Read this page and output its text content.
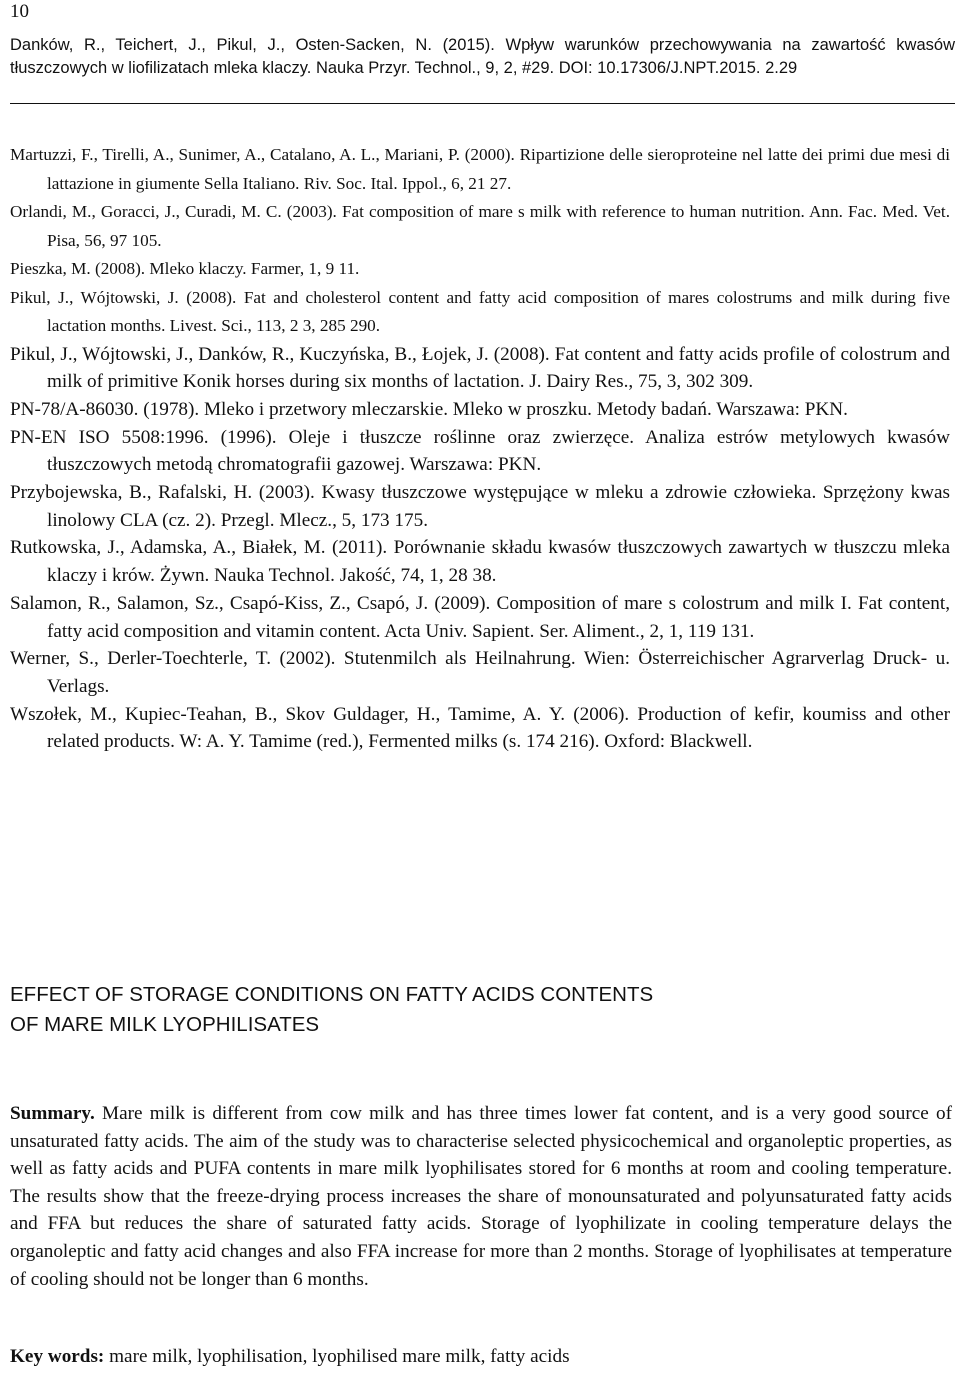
10
Danków, R., Teichert, J., Pikul, J., Osten-Sacken, N. (2015). Wpływ warunków przechowywania na zawartość kwasów tłuszczowych w liofilizatach mleka klaczy. Nauka Przyr. Technol., 9, 2, #29. DOI: 10.17306/J.NPT.2015. 2.29
Martuzzi, F., Tirelli, A., Sunimer, A., Catalano, A. L., Mariani, P. (2000). Ripartizione delle sieroproteine nel latte dei primi due mesi di lattazione in giumente Sella Italiano. Riv. Soc. Ital. Ippol., 6, 21 27.
Orlandi, M., Goracci, J., Curadi, M. C. (2003). Fat composition of mare s milk with reference to human nutrition. Ann. Fac. Med. Vet. Pisa, 56, 97 105.
Pieszka, M. (2008). Mleko klaczy. Farmer, 1, 9 11.
Pikul, J., Wójtowski, J. (2008). Fat and cholesterol content and fatty acid composition of mares colostrums and milk during five lactation months. Livest. Sci., 113, 2 3, 285 290.
Pikul, J., Wójtowski, J., Danków, R., Kuczyńska, B., Łojek, J. (2008). Fat content and fatty acids profile of colostrum and milk of primitive Konik horses during six months of lactation. J. Dairy Res., 75, 3, 302 309.
PN-78/A-86030. (1978). Mleko i przetwory mleczarskie. Mleko w proszku. Metody badań. Warszawa: PKN.
PN-EN ISO 5508:1996. (1996). Oleje i tłuszcze roślinne oraz zwierzęce. Analiza estrów metylowych kwasów tłuszczowych metodą chromatografii gazowej. Warszawa: PKN.
Przybojewska, B., Rafalski, H. (2003). Kwasy tłuszczowe występujące w mleku a zdrowie człowieka. Sprzężony kwas linolowy CLA (cz. 2). Przegl. Mlecz., 5, 173 175.
Rutkowska, J., Adamska, A., Białek, M. (2011). Porównanie składu kwasów tłuszczowych zawartych w tłuszczu mleka klaczy i krów. Żywn. Nauka Technol. Jakość, 74, 1, 28 38.
Salamon, R., Salamon, Sz., Csapó-Kiss, Z., Csapó, J. (2009). Composition of mare s colostrum and milk I. Fat content, fatty acid composition and vitamin content. Acta Univ. Sapient. Ser. Aliment., 2, 1, 119 131.
Werner, S., Derler-Toechterle, T. (2002). Stutenmilch als Heilnahrung. Wien: Österreichischer Agrarverlag Druck- u. Verlags.
Wszołek, M., Kupiec-Teahan, B., Skov Guldager, H., Tamime, A. Y. (2006). Production of kefir, koumiss and other related products. W: A. Y. Tamime (red.), Fermented milks (s. 174 216). Oxford: Blackwell.
EFFECT OF STORAGE CONDITIONS ON FATTY ACIDS CONTENTS
OF MARE MILK LYOPHILISATES

Summary. Mare milk is different from cow milk and has three times lower fat content, and is a very good source of unsaturated fatty acids. The aim of the study was to characterise selected physicochemical and organoleptic properties, as well as fatty acids and PUFA contents in mare milk lyophilisates stored for 6 months at room and cooling temperature. The results show that the freeze-drying process increases the share of monounsaturated and polyunsaturated fatty acids and FFA but reduces the share of saturated fatty acids. Storage of lyophilizate in cooling temperature delays the organoleptic and fatty acid changes and also FFA increase for more than 2 months. Storage of lyophilisates at temperature of cooling should not be longer than 6 months.

Key words: mare milk, lyophilisation, lyophilised mare milk, fatty acids
